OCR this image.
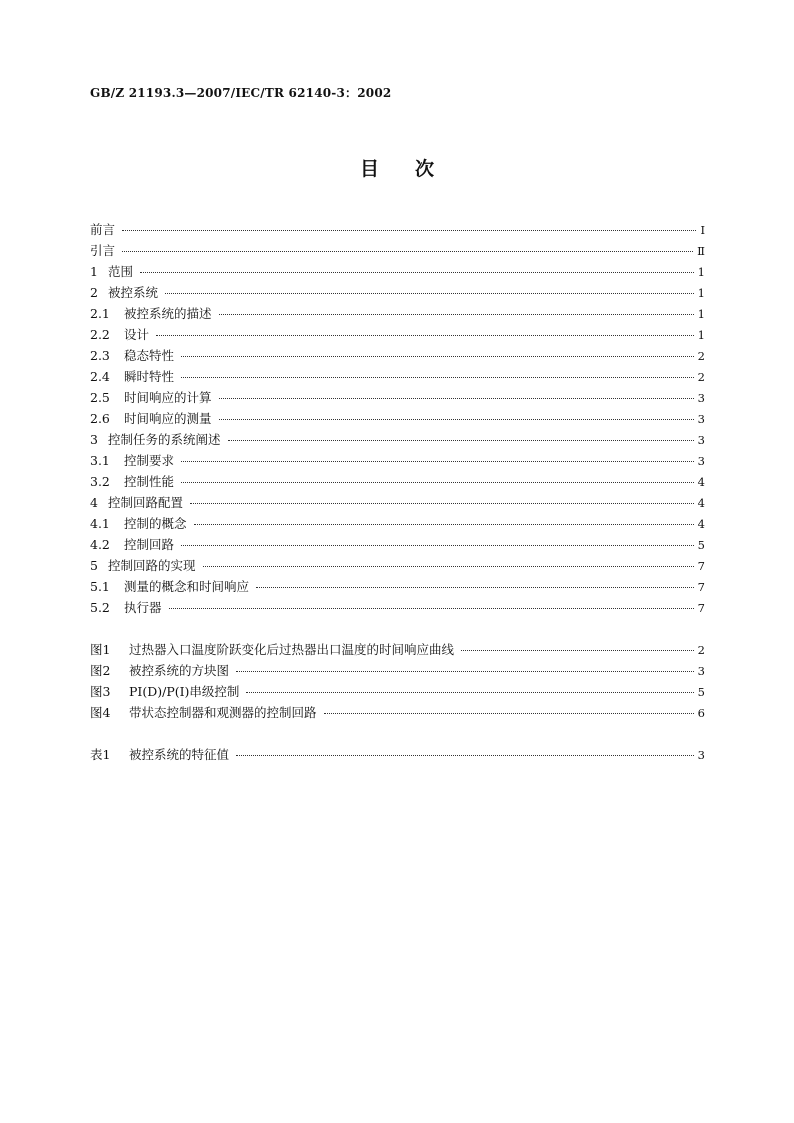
GB/Z 21193.3—2007/IEC/TR 62140-3：2002
目次
前言	Ⅰ
引言	Ⅱ
1 范围	1
2 被控系统	1
2.1	被控系统的描述	1
2.2	设计	1
2.3	稳态特性	2
2.4	瞬时特性	2
2.5	时间响应的计算	3
2.6	时间响应的测量	3
3 控制任务的系统阐述	3
3.1	控制要求	3
3.2	控制性能	4
4 控制回路配置	4
4.1	控制的概念	4
4.2	控制回路	5
5 控制回路的实现	7
5.1	测量的概念和时间响应	7
5.2	执行器	7
图1	过热器入口温度阶跃变化后过热器出口温度的时间响应曲线	2
图2	被控系统的方块图	3
图3	PI(D)/P(I)串级控制	5
图4	带状态控制器和观测器的控制回路	6
表1	被控系统的特征值	3
